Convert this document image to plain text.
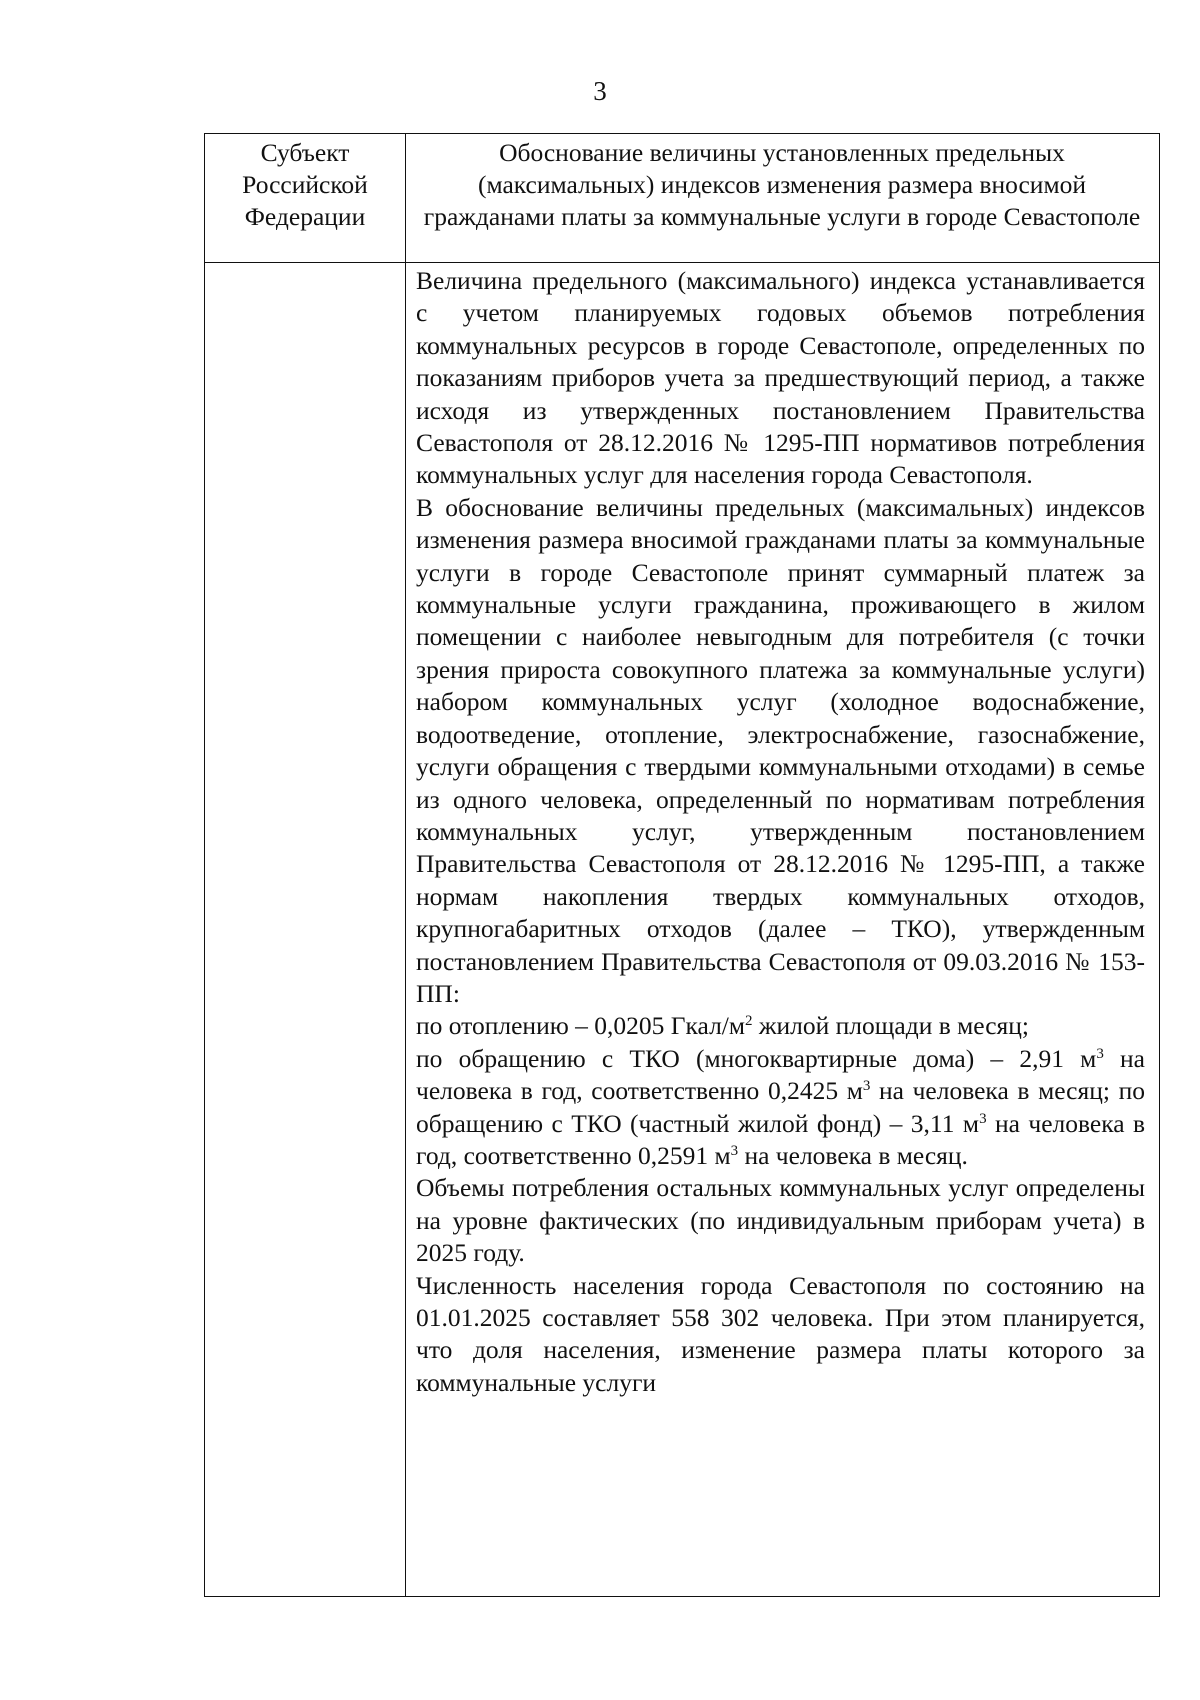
3
Субъект Российской Федерации
Обоснование величины установленных предельных (максимальных) индексов изменения размера вносимой гражданами платы за коммунальные услуги в городе Севастополе

Величина предельного (максимального) индекса устанавливается с учетом планируемых годовых объемов потребления коммунальных ресурсов в городе Севастополе, определенных по показаниям приборов учета за предшествующий период, а также исходя из утвержденных постановлением Правительства Севастополя от 28.12.2016 № 1295-ПП нормативов потребления коммунальных услуг для населения города Севастополя.

В обоснование величины предельных (максимальных) индексов изменения размера вносимой гражданами платы за коммунальные услуги в городе Севастополе принят суммарный платеж за коммунальные услуги гражданина, проживающего в жилом помещении с наиболее невыгодным для потребителя (с точки зрения прироста совокупного платежа за коммунальные услуги) набором коммунальных услуг (холодное водоснабжение, водоотведение, отопление, электроснабжение, газоснабжение, услуги обращения с твердыми коммунальными отходами) в семье из одного человека, определенный по нормативам потребления коммунальных услуг, утвержденным постановлением Правительства Севастополя от 28.12.2016 № 1295-ПП, а также нормам накопления твердых коммунальных отходов, крупногабаритных отходов (далее – ТКО), утвержденным постановлением Правительства Севастополя от 09.03.2016 № 153-ПП:

по отоплению – 0,0205 Гкал/$м^2$ жилой площади в месяц;

по обращению с ТКО (многоквартирные дома) – 2,91 $м^3$ на человека в год, соответственно 0,2425 $м^3$ на человека в месяц; по обращению с ТКО (частный жилой фонд) – 3,11 $м^3$ на человека в год, соответственно 0,2591 $м^3$ на человека в месяц.

Объемы потребления остальных коммунальных услуг определены на уровне фактических (по индивидуальным приборам учета) в 2025 году.

Численность населения города Севастополя по состоянию на 01.01.2025 составляет 558 302 человека. При этом планируется, что доля населения, изменение размера платы которого за коммунальные услуги
